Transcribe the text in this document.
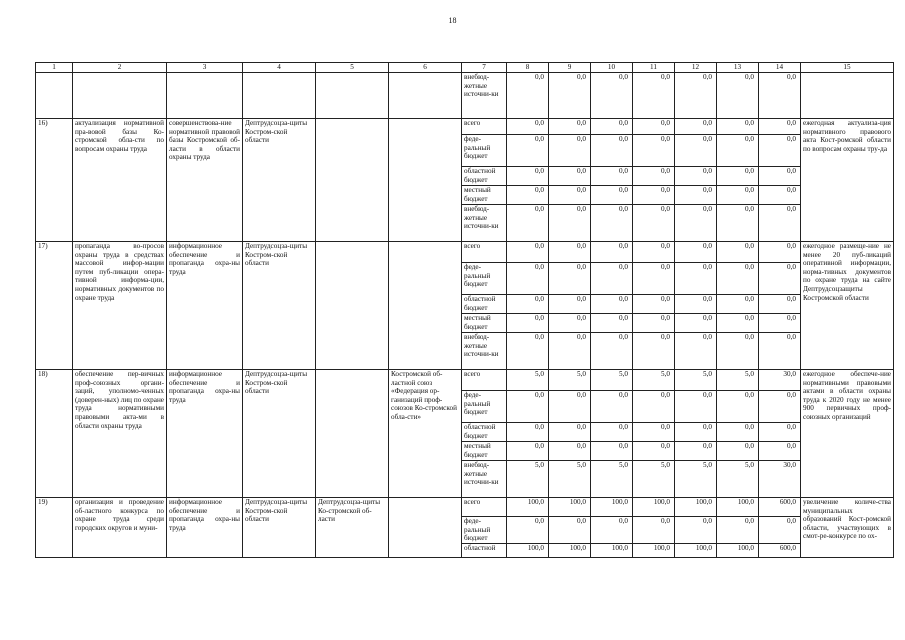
18
1	2	3	4	5	6	7	8	9	10	11	12	13	14	15
						внебюд-жетные источни-ки	0,0	0,0	0,0	0,0	0,0	0,0	0,0	
16)	актуализация нормативной пра-вовой базы Ко-стромской обла-сти по вопросам охраны труда	совершенствова-ние нормативной правовой базы Костромской об-ласти в области охраны труда	Дептрудсоцза-щиты Костром-ской области			всего	0,0	0,0	0,0	0,0	0,0	0,0	0,0	ежегодная актуализа-ция нормативного правового акта Кост-ромской области по вопросам охраны тру-да
						феде-ральный бюджет	0,0	0,0	0,0	0,0	0,0	0,0	0,0	
						областной бюджет	0,0	0,0	0,0	0,0	0,0	0,0	0,0	
						местный бюджет	0,0	0,0	0,0	0,0	0,0	0,0	0,0	
						внебюд-жетные источни-ки	0,0	0,0	0,0	0,0	0,0	0,0	0,0	
17)	пропаганда во-просов охраны труда в средствах массовой инфор-мации путем пуб-ликации опера-тивной информа-ции, нормативных документов по охране труда	информационное обеспечение и пропаганда охра-ны труда	Дептрудсоцза-щиты Костром-ской области			всего	0,0	0,0	0,0	0,0	0,0	0,0	0,0	ежегодное размеще-ние не менее 20 пуб-ликаций оперативной информации, норма-тивных документов по охране труда на сайте Дептрудсоцзащиты Костромской области
						феде-ральный бюджет	0,0	0,0	0,0	0,0	0,0	0,0	0,0	
						областной бюджет	0,0	0,0	0,0	0,0	0,0	0,0	0,0	
						местный бюджет	0,0	0,0	0,0	0,0	0,0	0,0	0,0	
						внебюд-жетные источни-ки	0,0	0,0	0,0	0,0	0,0	0,0	0,0	
18)	обеспечение пер-вичных проф-союзных органи-заций, уполномо-ченных (доверен-ных) лиц по охране труда нормативными правовыми акта-ми в области охраны труда	информационное обеспечение и пропаганда охра-ны труда	Дептрудсоцза-щиты Костром-ской области		Костромской об-ластной союз «Федерация ор-ганизаций проф-союзов Ко-стромской обла-сти»	всего	5,0	5,0	5,0	5,0	5,0	5,0	30,0	ежегодное обеспече-ние нормативными правовыми актами в области охраны труда к 2020 году не менее 900 первичных проф-союзных организаций
						феде-ральный бюджет	0,0	0,0	0,0	0,0	0,0	0,0	0,0	
						областной бюджет	0,0	0,0	0,0	0,0	0,0	0,0	0,0	
						местный бюджет	0,0	0,0	0,0	0,0	0,0	0,0	0,0	
						внебюд-жетные источни-ки	5,0	5,0	5,0	5,0	5,0	5,0	30,0	
19)	организация и проведение об-ластного конкурса по охране труда среди городских округов и муни-	информационное обеспечение и пропаганда охра-ны труда	Дептрудсоцза-щиты Костром-ской области	Дептрудсоцза-щиты Ко-стромской об-ласти		всего	100,0	100,0	100,0	100,0	100,0	100,0	600,0	увеличение количе-ства муниципальных образований Кост-ромской области, участвующих в смот-ре-конкурсе по ох-
						феде-ральный бюджет	0,0	0,0	0,0	0,0	0,0	0,0	0,0	
						областной	100,0	100,0	100,0	100,0	100,0	100,0	600,0	
